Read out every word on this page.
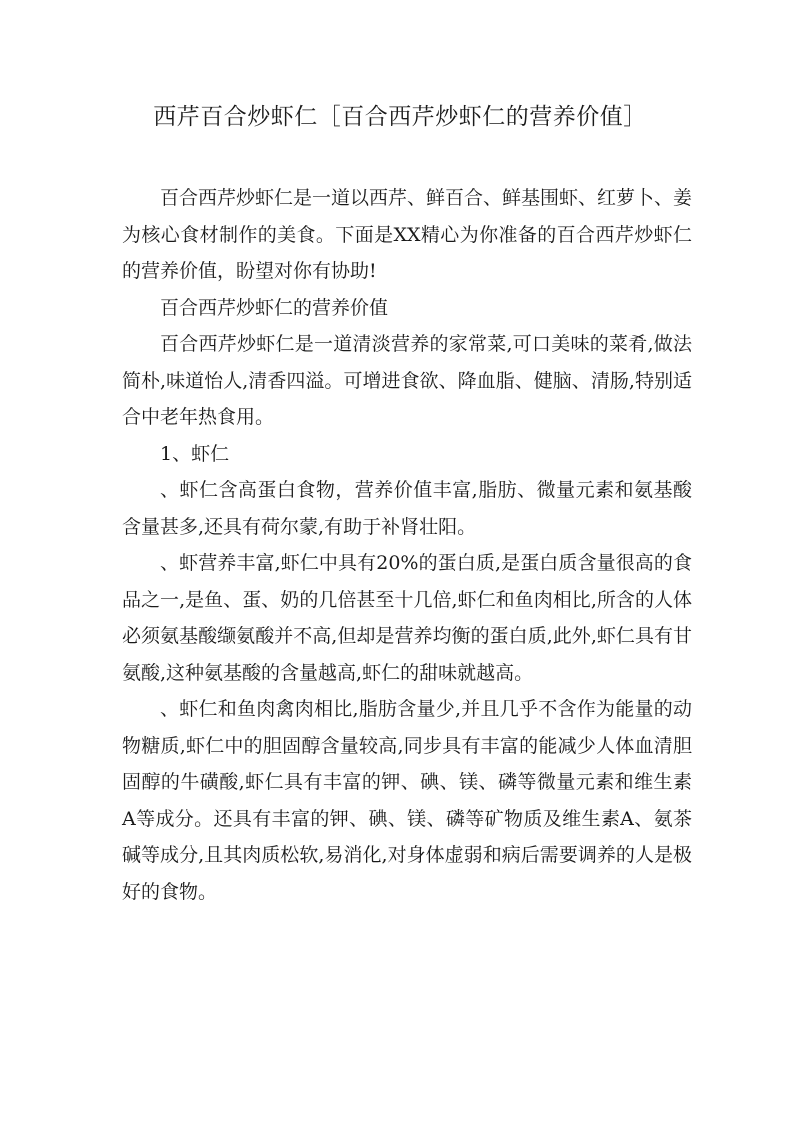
西芹百合炒虾仁［百合西芹炒虾仁的营养价值］

百合西芹炒虾仁是一道以西芹、鲜百合、鲜基围虾、红萝卜、姜为核心食材制作的美食。下面是XX精心为你准备的百合西芹炒虾仁的营养价值，盼望对你有协助!

百合西芹炒虾仁的营养价值

百合西芹炒虾仁是一道清淡营养的家常菜,可口美味的菜肴,做法简朴,味道怡人,清香四溢。可增进食欲、降血脂、健脑、清肠,特别适合中老年热食用。

1、虾仁

、虾仁含高蛋白食物，营养价值丰富,脂肪、微量元素和氨基酸含量甚多,还具有荷尔蒙,有助于补肾壮阳。

、虾营养丰富,虾仁中具有20%的蛋白质,是蛋白质含量很高的食品之一,是鱼、蛋、奶的几倍甚至十几倍,虾仁和鱼肉相比,所含的人体必须氨基酸缬氨酸并不高,但却是营养均衡的蛋白质,此外,虾仁具有甘氨酸,这种氨基酸的含量越高,虾仁的甜味就越高。

、虾仁和鱼肉禽肉相比,脂肪含量少,并且几乎不含作为能量的动物糖质,虾仁中的胆固醇含量较高,同步具有丰富的能减少人体血清胆固醇的牛磺酸,虾仁具有丰富的钾、碘、镁、磷等微量元素和维生素A等成分。还具有丰富的钾、碘、镁、磷等矿物质及维生素A、氨茶碱等成分,且其肉质松软,易消化,对身体虚弱和病后需要调养的人是极好的食物。
